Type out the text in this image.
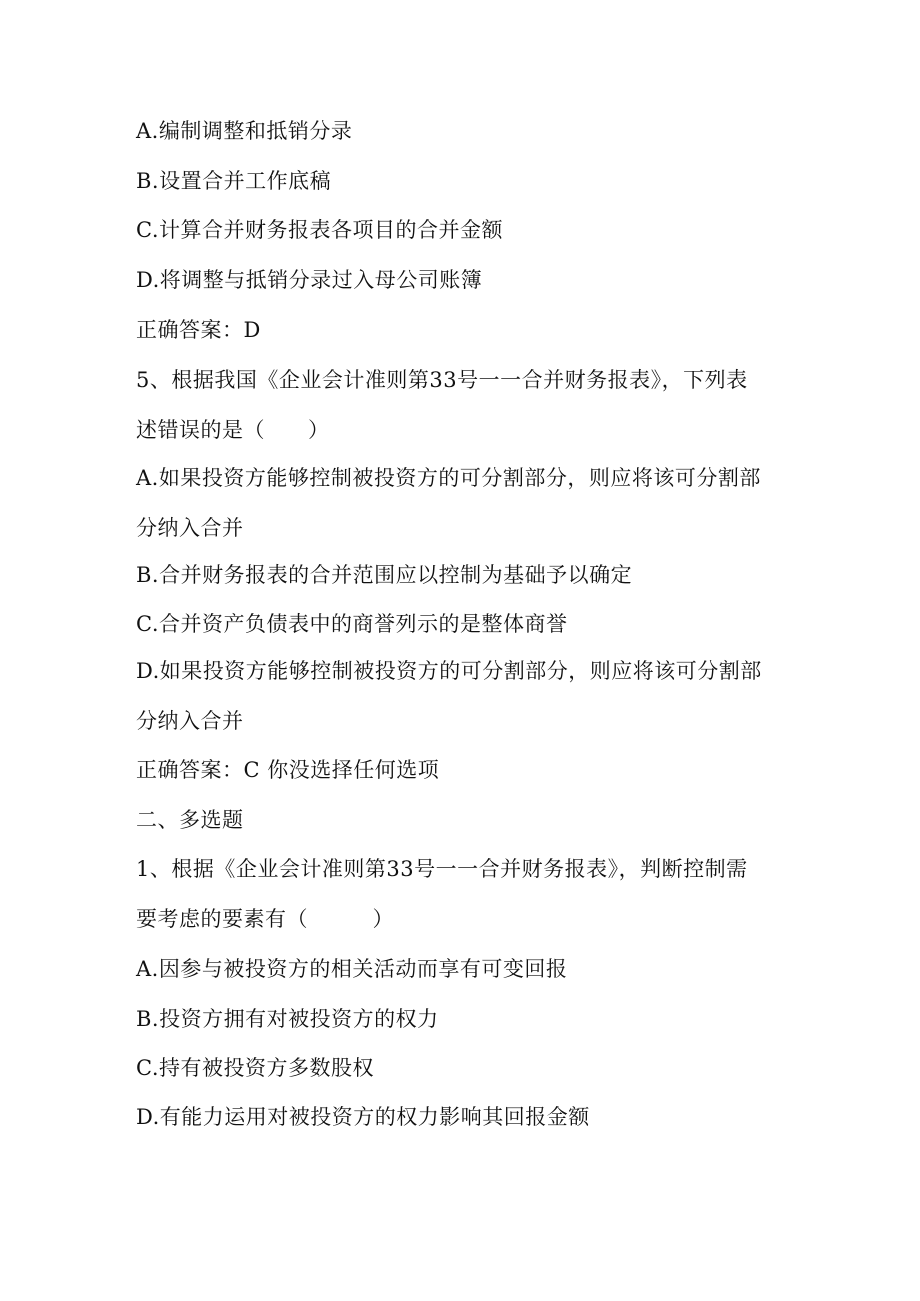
A.编制调整和抵销分录
B.设置合并工作底稿
C.计算合并财务报表各项目的合并金额
D.将调整与抵销分录过入母公司账簿
正确答案：D
5、根据我国《企业会计准则第33号一一合并财务报表》，下列表
述错误的是（　　）
A.如果投资方能够控制被投资方的可分割部分，则应将该可分割部
分纳入合并
B.合并财务报表的合并范围应以控制为基础予以确定
C.合并资产负债表中的商誉列示的是整体商誉
D.如果投资方能够控制被投资方的可分割部分，则应将该可分割部
分纳入合并
正确答案：C 你没选择任何选项
二、多选题
1、根据《企业会计准则第33号一一合并财务报表》，判断控制需
要考虑的要素有（　　　）
A.因参与被投资方的相关活动而享有可变回报
B.投资方拥有对被投资方的权力
C.持有被投资方多数股权
D.有能力运用对被投资方的权力影响其回报金额
